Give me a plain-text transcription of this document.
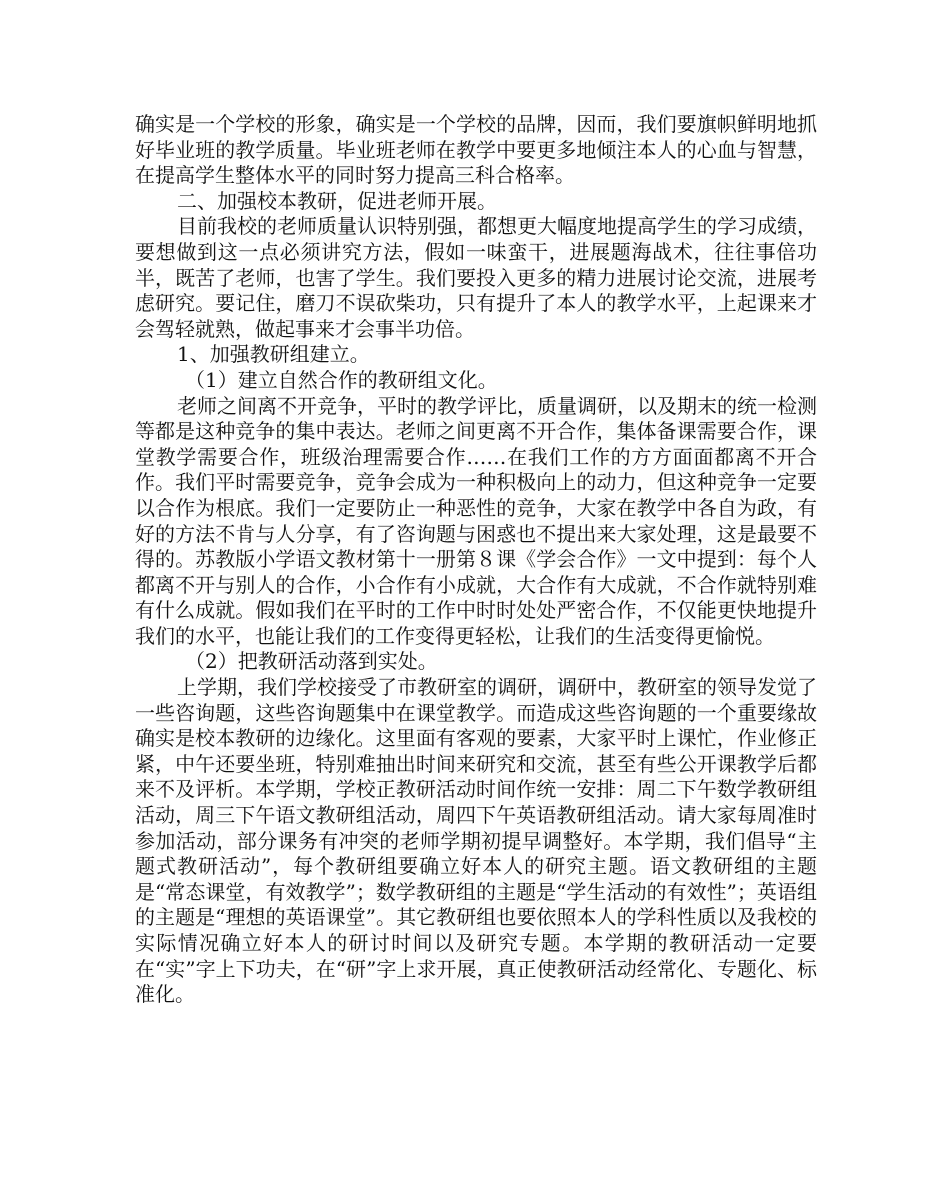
确实是一个学校的形象，确实是一个学校的品牌，因而，我们要旗帜鲜明地抓好毕业班的教学质量。毕业班老师在教学中要更多地倾注本人的心血与智慧，在提高学生整体水平的同时努力提高三科合格率。

二、加强校本教研，促进老师开展。

目前我校的老师质量认识特别强，都想更大幅度地提高学生的学习成绩，要想做到这一点必须讲究方法，假如一味蛮干，进展题海战术，往往事倍功半，既苦了老师，也害了学生。我们要投入更多的精力进展讨论交流，进展考虑研究。要记住，磨刀不误砍柴功，只有提升了本人的教学水平，上起课来才会驾轻就熟，做起事来才会事半功倍。

1、加强教研组建立。

（1）建立自然合作的教研组文化。

老师之间离不开竞争，平时的教学评比，质量调研，以及期末的统一检测等都是这种竞争的集中表达。老师之间更离不开合作，集体备课需要合作，课堂教学需要合作，班级治理需要合作……在我们工作的方方面面都离不开合作。我们平时需要竞争，竞争会成为一种积极向上的动力，但这种竞争一定要以合作为根底。我们一定要防止一种恶性的竞争，大家在教学中各自为政，有好的方法不肯与人分享，有了咨询题与困惑也不提出来大家处理，这是最要不得的。苏教版小学语文教材第十一册第８课《学会合作》一文中提到：每个人都离不开与别人的合作，小合作有小成就，大合作有大成就，不合作就特别难有什么成就。假如我们在平时的工作中时时处处严密合作，不仅能更快地提升我们的水平，也能让我们的工作变得更轻松，让我们的生活变得更愉悦。

（2）把教研活动落到实处。

上学期，我们学校接受了市教研室的调研，调研中，教研室的领导发觉了一些咨询题，这些咨询题集中在课堂教学。而造成这些咨询题的一个重要缘故确实是校本教研的边缘化。这里面有客观的要素，大家平时上课忙，作业修正紧，中午还要坐班，特别难抽出时间来研究和交流，甚至有些公开课教学后都来不及评析。本学期，学校正教研活动时间作统一安排：周二下午数学教研组活动，周三下午语文教研组活动，周四下午英语教研组活动。请大家每周准时参加活动，部分课务有冲突的老师学期初提早调整好。本学期，我们倡导“主题式教研活动”，每个教研组要确立好本人的研究主题。语文教研组的主题是“常态课堂，有效教学”；数学教研组的主题是“学生活动的有效性”；英语组的主题是“理想的英语课堂”。其它教研组也要依照本人的学科性质以及我校的实际情况确立好本人的研讨时间以及研究专题。本学期的教研活动一定要在“实”字上下功夫，在“研”字上求开展，真正使教研活动经常化、专题化、标准化。
